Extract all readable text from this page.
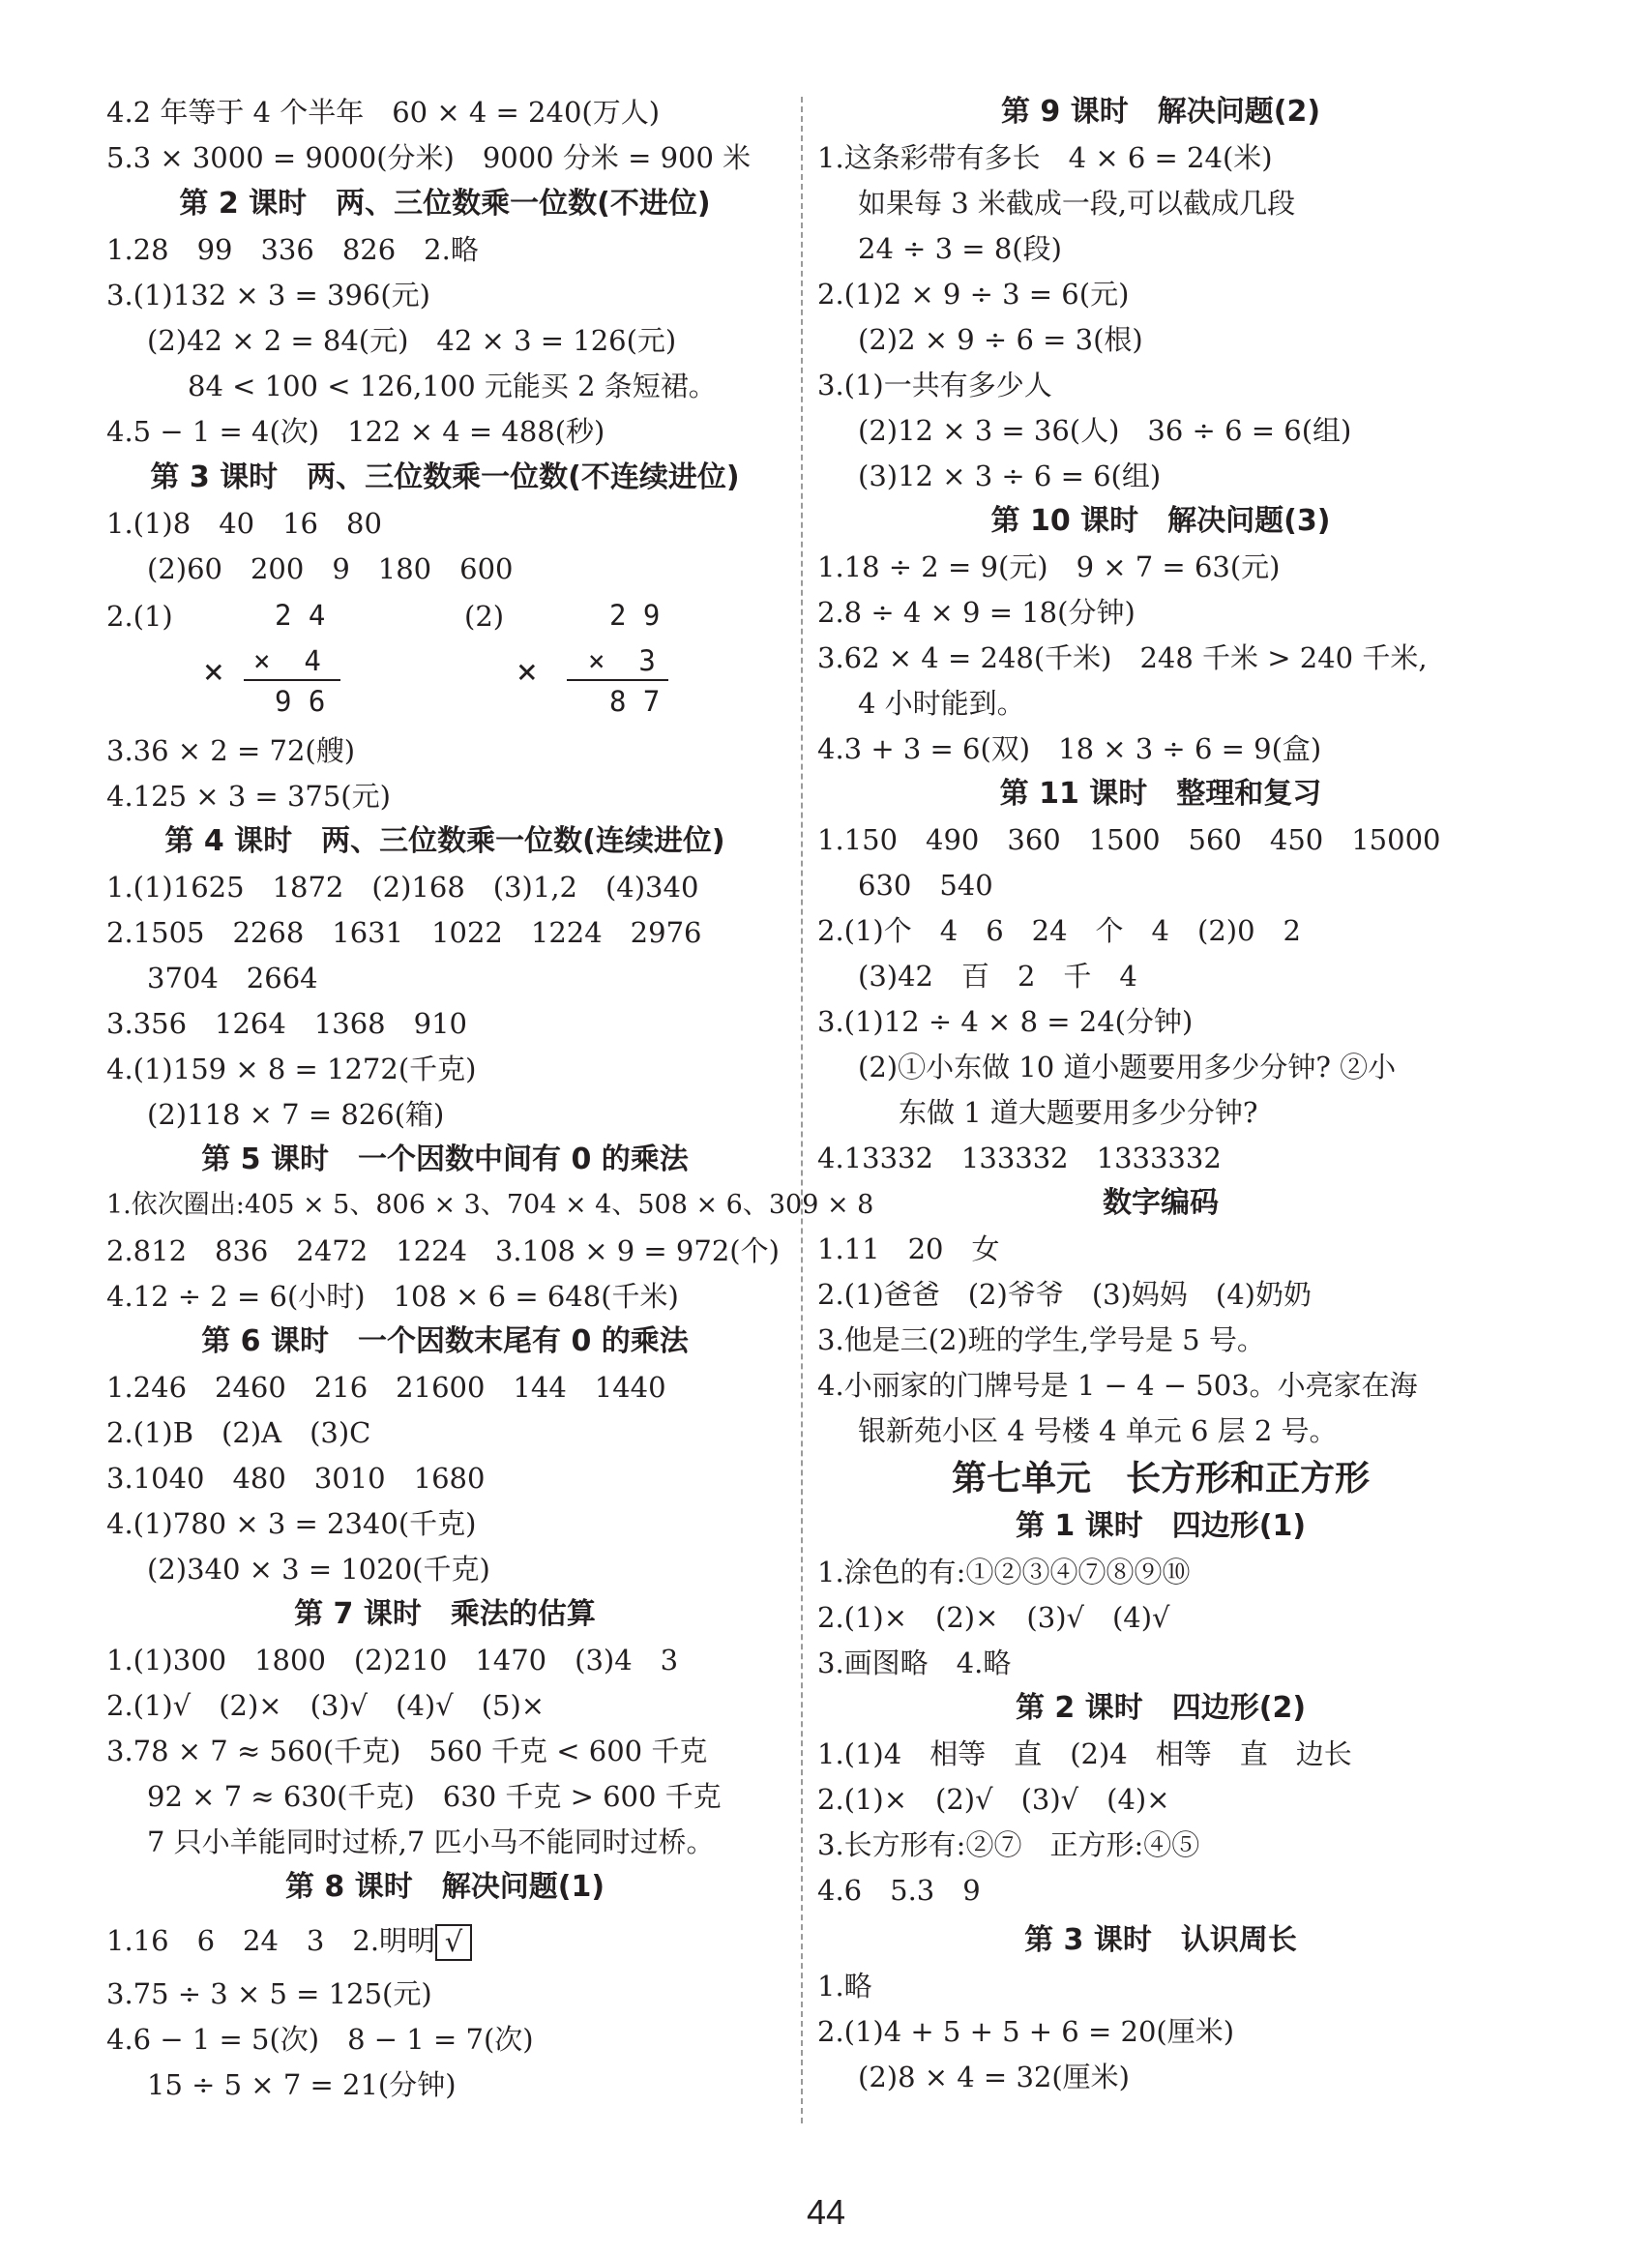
4.2 年等于 4 个半年　60 × 4 = 240(万人)
5.3 × 3000 = 9000(分米)　9000 分米 = 900 米
第 2 课时　两、三位数乘一位数(不进位)
1.28　99　336　826　2.略
3.(1)132 × 3 = 396(元)
(2)42 × 2 = 84(元)　42 × 3 = 126(元)
84 < 100 < 126,100 元能买 2 条短裙。
4.5 − 1 = 4(次)　122 × 4 = 488(秒)
第 3 课时　两、三位数乘一位数(不连续进位)
1.(1)8　40　16　80
(2)60　200　9　180　600
2.(1)	(2)
2 4
×  4
9 6
×
2 9
×  3
8 7
×
3.36 × 2 = 72(艘)
4.125 × 3 = 375(元)
第 4 课时　两、三位数乘一位数(连续进位)
1.(1)1625　1872　(2)168　(3)1,2　(4)340
2.1505　2268　1631　1022　1224　2976
3704　2664
3.356　1264　1368　910
4.(1)159 × 8 = 1272(千克)
(2)118 × 7 = 826(箱)
第 5 课时　一个因数中间有 0 的乘法
1.依次圈出:405 × 5、806 × 3、704 × 4、508 × 6、309 × 8
2.812　836　2472　1224　3.108 × 9 = 972(个)
4.12 ÷ 2 = 6(小时)　108 × 6 = 648(千米)
第 6 课时　一个因数末尾有 0 的乘法
1.246　2460　216　21600　144　1440
2.(1)B　(2)A　(3)C
3.1040　480　3010　1680
4.(1)780 × 3 = 2340(千克)
(2)340 × 3 = 1020(千克)
第 7 课时　乘法的估算
1.(1)300　1800　(2)210　1470　(3)4　3
2.(1)√　(2)×　(3)√　(4)√　(5)×
3.78 × 7 ≈ 560(千克)　560 千克 < 600 千克
92 × 7 ≈ 630(千克)　630 千克 > 600 千克
7 只小羊能同时过桥,7 匹小马不能同时过桥。
第 8 课时　解决问题(1)
1.16　6　24　3　2.明明 √
3.75 ÷ 3 × 5 = 125(元)
4.6 − 1 = 5(次)　8 − 1 = 7(次)
15 ÷ 5 × 7 = 21(分钟)
第 9 课时　解决问题(2)
1.这条彩带有多长　4 × 6 = 24(米)
如果每 3 米截成一段,可以截成几段
24 ÷ 3 = 8(段)
2.(1)2 × 9 ÷ 3 = 6(元)
(2)2 × 9 ÷ 6 = 3(根)
3.(1)一共有多少人
(2)12 × 3 = 36(人)　36 ÷ 6 = 6(组)
(3)12 × 3 ÷ 6 = 6(组)
第 10 课时　解决问题(3)
1.18 ÷ 2 = 9(元)　9 × 7 = 63(元)
2.8 ÷ 4 × 9 = 18(分钟)
3.62 × 4 = 248(千米)　248 千米 > 240 千米,
4 小时能到。
4.3 + 3 = 6(双)　18 × 3 ÷ 6 = 9(盒)
第 11 课时　整理和复习
1.150　490　360　1500　560　450　15000
630　540
2.(1)个　4　6　24　个　4　(2)0　2
(3)42　百　2　千　4
3.(1)12 ÷ 4 × 8 = 24(分钟)
(2)①小东做 10 道小题要用多少分钟? ②小
东做 1 道大题要用多少分钟?
4.13332　133332　1333332
数字编码
1.11　20　女
2.(1)爸爸　(2)爷爷　(3)妈妈　(4)奶奶
3.他是三(2)班的学生,学号是 5 号。
4.小丽家的门牌号是 1 − 4 − 503。小亮家在海
银新苑小区 4 号楼 4 单元 6 层 2 号。
第七单元　长方形和正方形
第 1 课时　四边形(1)
1.涂色的有:①②③④⑦⑧⑨⑩
2.(1)×　(2)×　(3)√　(4)√
3.画图略　4.略
第 2 课时　四边形(2)
1.(1)4　相等　直　(2)4　相等　直　边长
2.(1)×　(2)√　(3)√　(4)×
3.长方形有:②⑦　正方形:④⑤
4.6　5.3　9
第 3 课时　认识周长
1.略
2.(1)4 + 5 + 5 + 6 = 20(厘米)
(2)8 × 4 = 32(厘米)
44
